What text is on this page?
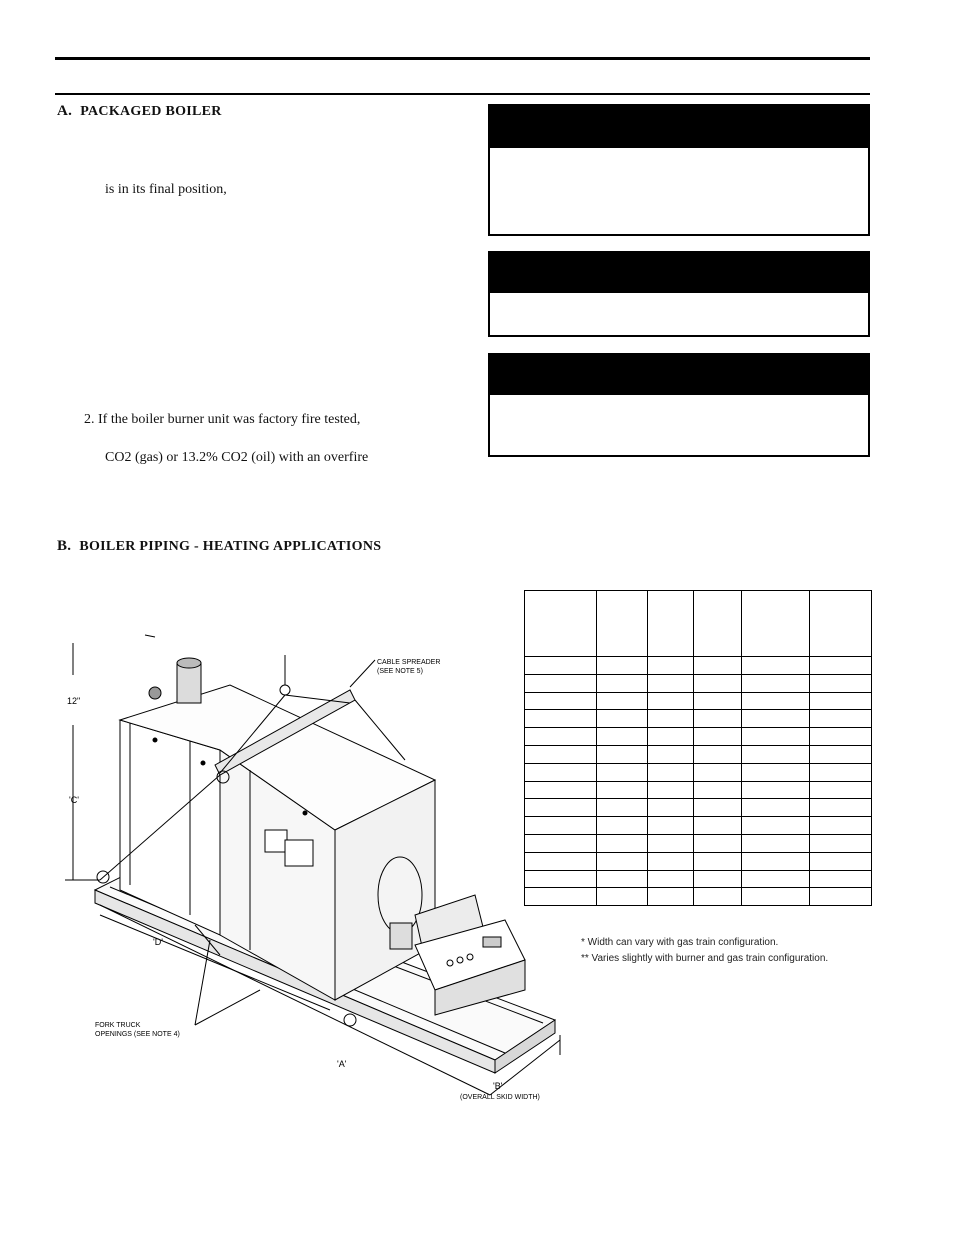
A. PACKAGED BOILER
is in its final position,
2. If the boiler burner unit was factory fire tested,
CO2 (gas) or 13.2% CO2 (oil) with an overfire
B. BOILER PIPING - HEATING APPLICATIONS

* Width can vary with gas train configuration.
** Varies slightly with burner and gas train configuration.
12"
'C'
'D'
'A'
'B'
(OVERALL SKID WIDTH)
CABLE SPREADER
(SEE NOTE 5)
FORK TRUCK
OPENINGS (SEE NOTE 4)
